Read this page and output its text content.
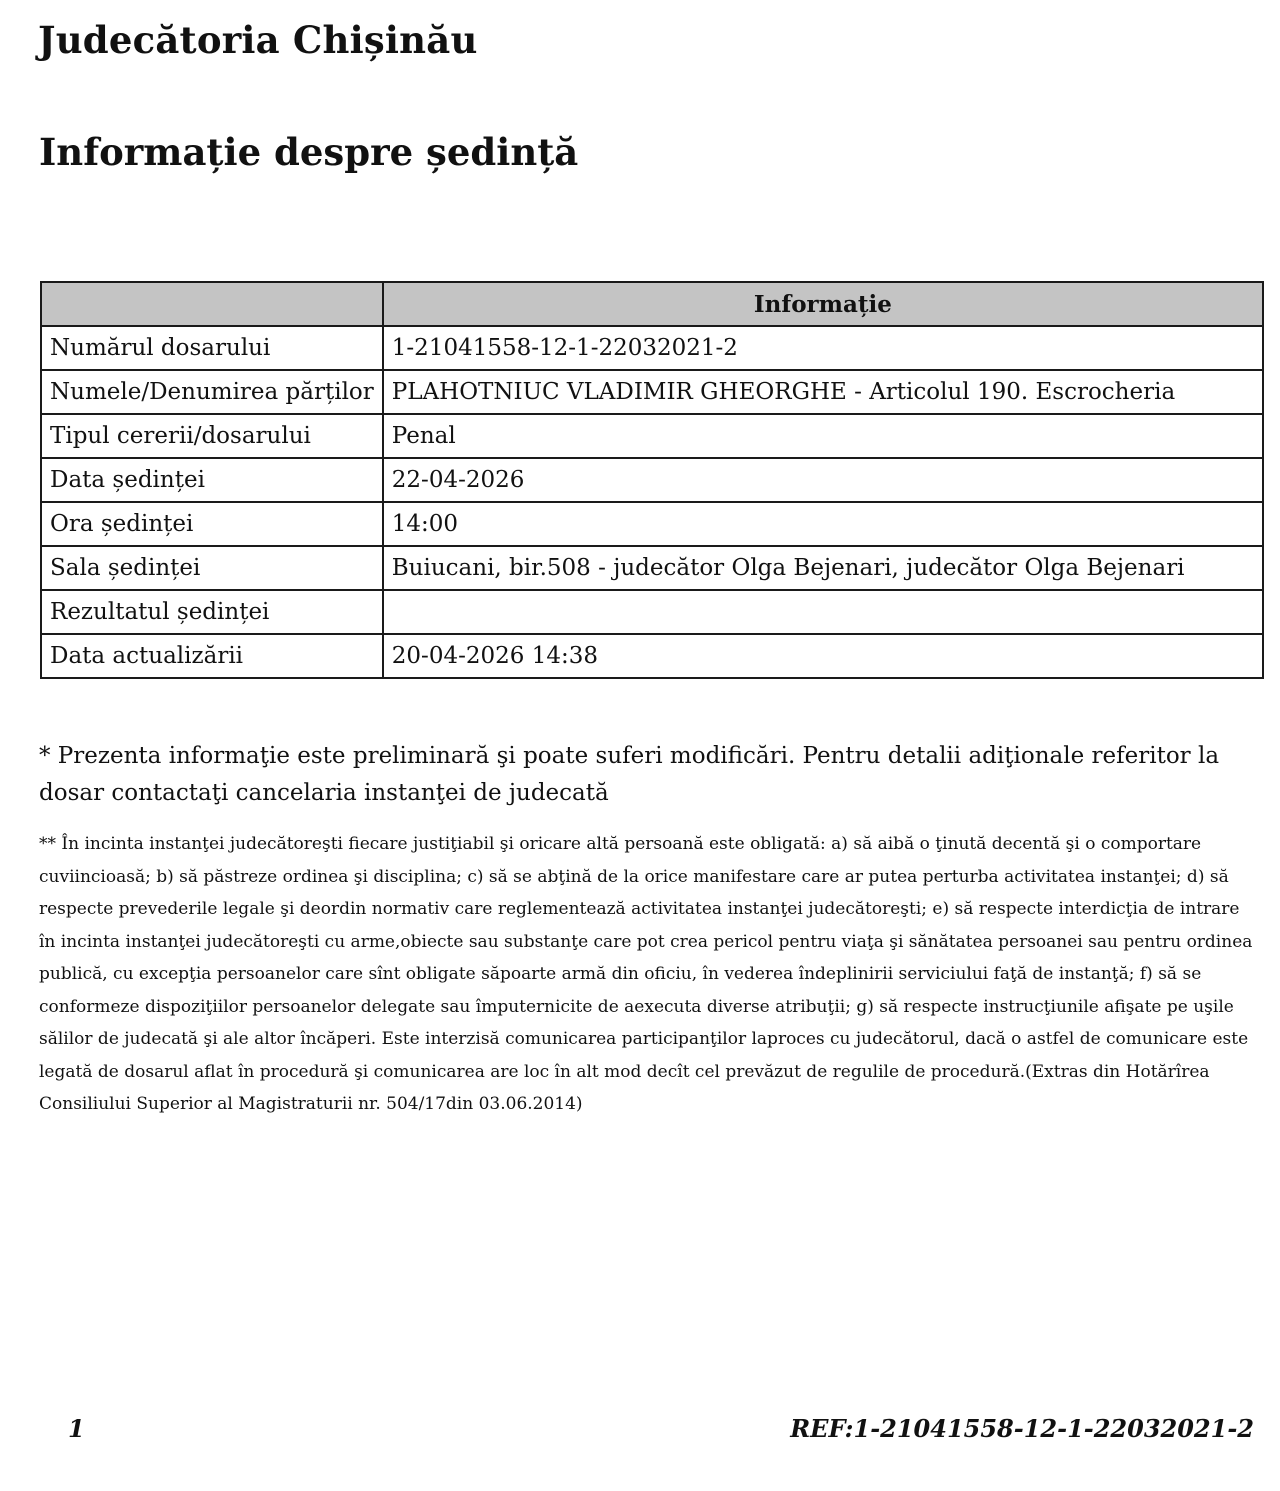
Judecătoria Chișinău
Informație despre ședință
	Informație
Numărul dosarului	1-21041558-12-1-22032021-2
Numele/Denumirea părților	PLAHOTNIUC VLADIMIR GHEORGHE - Articolul 190. Escrocheria
Tipul cererii/dosarului	Penal
Data ședinței	22-04-2026
Ora ședinței	14:00
Sala ședinței	Buiucani, bir.508 - judecător Olga Bejenari, judecător Olga Bejenari
Rezultatul ședinței	
Data actualizării	20-04-2026 14:38

* Prezenta informaţie este preliminară şi poate suferi modificări. Pentru detalii adiţionale referitor la dosar contactaţi cancelaria instanţei de judecată

** În incinta instanţei judecătoreşti fiecare justiţiabil şi oricare altă persoană este obligată: a) să aibă o ţinută decentă şi o comportare cuviincioasă; b) să păstreze ordinea şi disciplina; c) să se abţină de la orice manifestare care ar putea perturba activitatea instanţei; d) să respecte prevederile legale şi deordin normativ care reglementează activitatea instanţei judecătoreşti; e) să respecte interdicţia de intrare în incinta instanţei judecătoreşti cu arme,obiecte sau substanţe care pot crea pericol pentru viaţa şi sănătatea persoanei sau pentru ordinea publică, cu excepţia persoanelor care sînt obligate săpoarte armă din oficiu, în vederea îndeplinirii serviciului faţă de instanţă; f) să se conformeze dispoziţiilor persoanelor delegate sau împuternicite de aexecuta diverse atribuţii; g) să respecte instrucţiunile afişate pe uşile sălilor de judecată şi ale altor încăperi. Este interzisă comunicarea participanţilor laproces cu judecătorul, dacă o astfel de comunicare este legată de dosarul aflat în procedură şi comunicarea are loc în alt mod decît cel prevăzut de regulile de procedură.(Extras din Hotărîrea Consiliului Superior al Magistraturii nr. 504/17din 03.06.2014)

1	REF:1-21041558-12-1-22032021-2
